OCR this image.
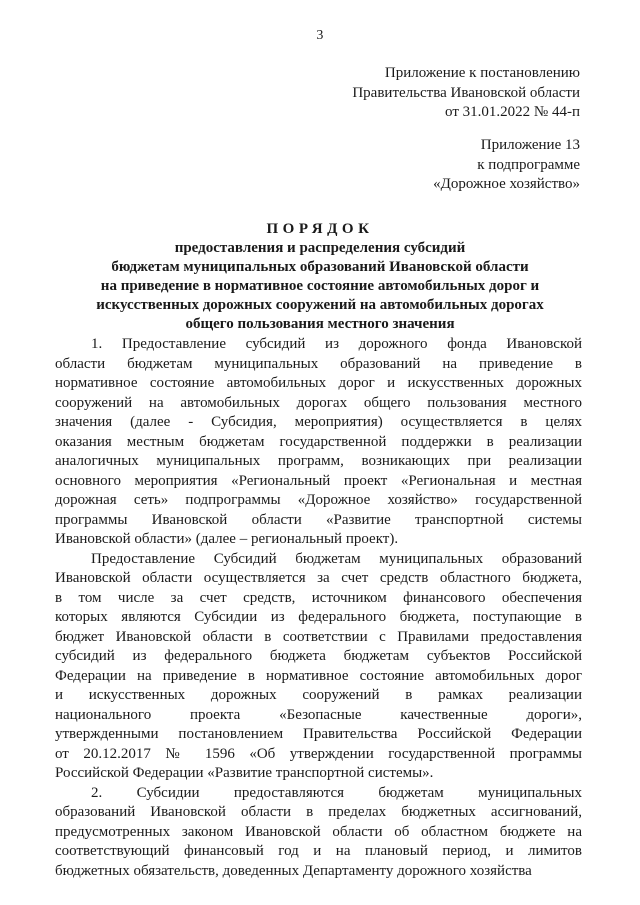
3
Приложение к постановлению
Правительства Ивановской области
от 31.01.2022 № 44-п
Приложение 13
к подпрограмме
«Дорожное хозяйство»
ПОРЯДОК
предоставления и распределения субсидий
бюджетам муниципальных образований Ивановской области
на приведение в нормативное состояние автомобильных дорог и
искусственных дорожных сооружений на автомобильных дорогах
общего пользования местного значения
1. Предоставление субсидий из дорожного фонда Ивановской
области бюджетам муниципальных образований на приведение в
нормативное состояние автомобильных дорог и искусственных дорожных
сооружений на автомобильных дорогах общего пользования местного
значения (далее - Субсидия, мероприятия) осуществляется в целях
оказания местным бюджетам государственной поддержки в реализации
аналогичных муниципальных программ, возникающих при реализации
основного мероприятия «Региональный проект «Региональная и местная
дорожная сеть» подпрограммы «Дорожное хозяйство» государственной
программы Ивановской области «Развитие транспортной системы
Ивановской области» (далее – региональный проект).
Предоставление Субсидий бюджетам муниципальных образований
Ивановской области осуществляется за счет средств областного бюджета,
в том числе за счет средств, источником финансового обеспечения
которых являются Субсидии из федерального бюджета, поступающие в
бюджет Ивановской области в соответствии с Правилами предоставления
субсидий из федерального бюджета бюджетам субъектов Российской
Федерации на приведение в нормативное состояние автомобильных дорог
и искусственных дорожных сооружений в рамках реализации
национального проекта «Безопасные качественные дороги»,
утвержденными постановлением Правительства Российской Федерации
от 20.12.2017 № 1596 «Об утверждении государственной программы
Российской Федерации «Развитие транспортной системы».
2. Субсидии предоставляются бюджетам муниципальных
образований Ивановской области в пределах бюджетных ассигнований,
предусмотренных законом Ивановской области об областном бюджете на
соответствующий финансовый год и на плановый период, и лимитов
бюджетных обязательств, доведенных Департаменту дорожного хозяйства
